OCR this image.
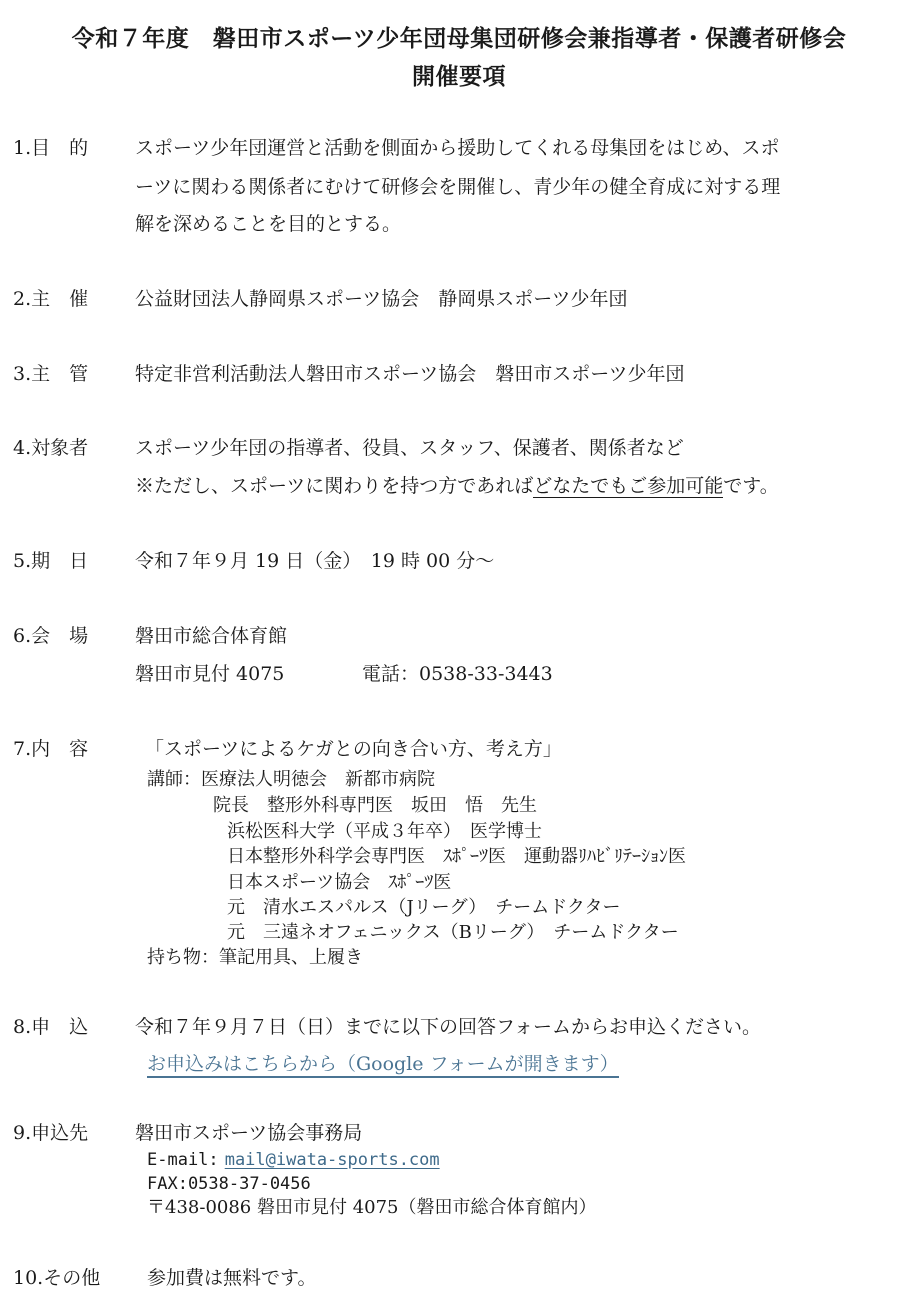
令和７年度　磐田市スポーツ少年団母集団研修会兼指導者・保護者研修会
開催要項
1.目　的 スポーツ少年団運営と活動を側面から援助してくれる母集団をはじめ、スポ
ーツに関わる関係者にむけて研修会を開催し、青少年の健全育成に対する理
解を深めることを目的とする。
2.主　催 公益財団法人静岡県スポーツ協会　静岡県スポーツ少年団
3.主　管 特定非営利活動法人磐田市スポーツ協会　磐田市スポーツ少年団
4.対象者 スポーツ少年団の指導者、役員、スタッフ、保護者、関係者など
※ただし、スポーツに関わりを持つ方であればどなたでもご参加可能です。
5.期　日 令和７年９月 19 日（金）　19 時 00 分～
6.会　場 磐田市総合体育館
磐田市見付 4075	電話：0538-33-3443
7.内　容	「スポーツによるケガとの向き合い方、考え方」
講師：医療法人明徳会　新都市病院
院長　整形外科専門医　坂田　悟　先生
浜松医科大学（平成３年卒）　医学博士
日本整形外科学会専門医　ｽﾎﾟｰﾂ医　運動器ﾘﾊﾋﾞﾘﾃｰｼｮﾝ医
日本スポーツ協会　ｽﾎﾟｰﾂ医
元　清水エスパルス（Jリーグ）　チームドクター
元　三遠ネオフェニックス（Bリーグ）　チームドクター
持ち物：筆記用具、上履き
8.申　込 令和７年９月７日（日）までに以下の回答フォームからお申込ください。
お申込みはこちらから（Google フォームが開きます）
9.申込先 磐田市スポーツ協会事務局
E-mail: mail@iwata-sports.com
FAX:0538-37-0456
〒438-0086 磐田市見付 4075（磐田市総合体育館内）
10.その他 参加費は無料です。
